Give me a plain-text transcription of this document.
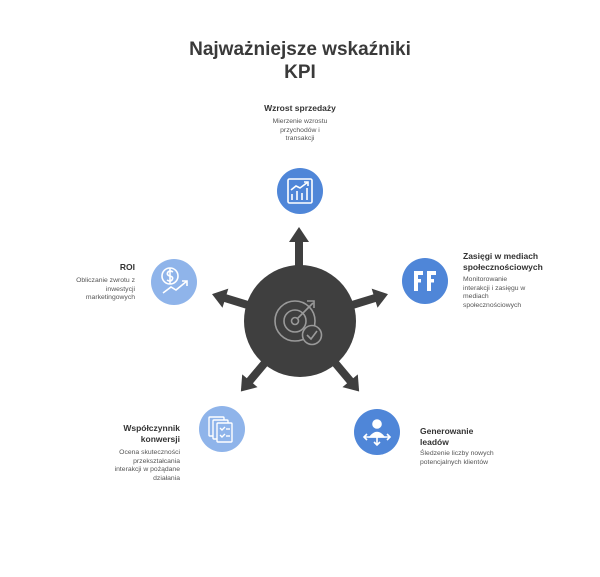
Najważniejsze wskaźniki
KPI
Wzrost sprzedaży
Mierzenie wzrostu
przychodów i
transakcji
Zasięgi w mediach
społecznościowych
Monitorowanie
interakcji i zasięgu w
mediach
społecznościowych
Generowanie
leadów
Śledzenie liczby nowych
potencjalnych klientów
Współczynnik
konwersji
Ocena skuteczności
przekształcania
interakcji w pożądane
działania
ROI
Obliczanie zwrotu z
inwestycji
marketingowych
